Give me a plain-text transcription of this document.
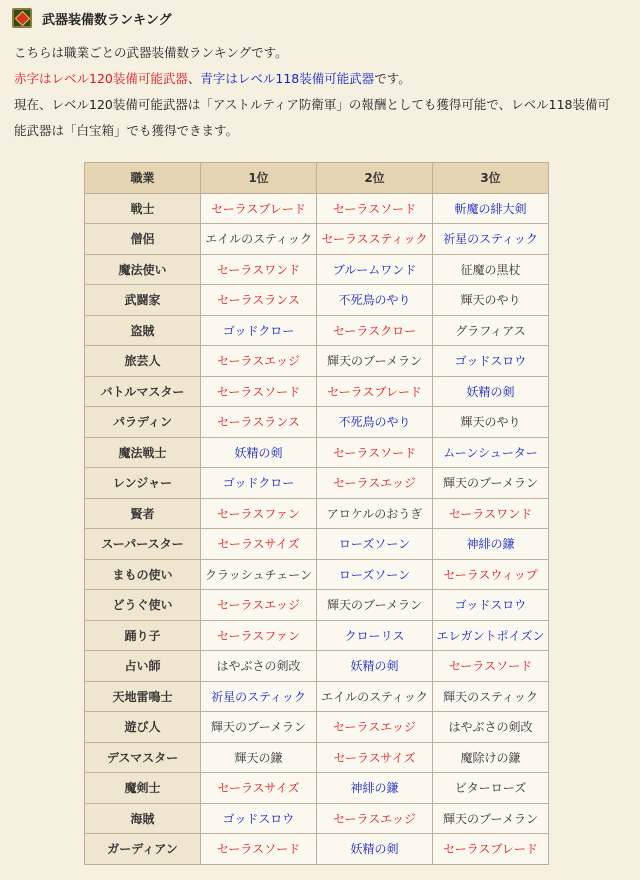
武器装備数ランキング

こちらは職業ごとの武器装備数ランキングです。

赤字はレベル120装備可能武器、青字はレベル118装備可能武器です。

現在、レベル120装備可能武器は「アストルティア防衛軍」の報酬としても獲得可能で、レベル118装備可能武器は「白宝箱」でも獲得できます。

職業	1位	2位	3位
戦士	セーラスブレード	セーラスソード	斬魔の緋大剣
僧侶	エイルのスティック	セーラススティック	祈星のスティック
魔法使い	セーラスワンド	ブルームワンド	征魔の黒杖
武闘家	セーラスランス	不死鳥のやり	輝天のやり
盗賊	ゴッドクロー	セーラスクロー	グラフィアス
旅芸人	セーラスエッジ	輝天のブーメラン	ゴッドスロウ
バトルマスター	セーラスソード	セーラスブレード	妖精の剣
パラディン	セーラスランス	不死鳥のやり	輝天のやり
魔法戦士	妖精の剣	セーラスソード	ムーンシューター
レンジャー	ゴッドクロー	セーラスエッジ	輝天のブーメラン
賢者	セーラスファン	アロケルのおうぎ	セーラスワンド
スーパースター	セーラスサイズ	ローズソーン	神緋の鎌
まもの使い	クラッシュチェーン	ローズソーン	セーラスウィップ
どうぐ使い	セーラスエッジ	輝天のブーメラン	ゴッドスロウ
踊り子	セーラスファン	クローリス	エレガントポイズン
占い師	はやぶさの剣改	妖精の剣	セーラスソード
天地雷鳴士	祈星のスティック	エイルのスティック	輝天のスティック
遊び人	輝天のブーメラン	セーラスエッジ	はやぶさの剣改
デスマスター	輝天の鎌	セーラスサイズ	魔除けの鎌
魔剣士	セーラスサイズ	神緋の鎌	ビターローズ
海賊	ゴッドスロウ	セーラスエッジ	輝天のブーメラン
ガーディアン	セーラスソード	妖精の剣	セーラスブレード
